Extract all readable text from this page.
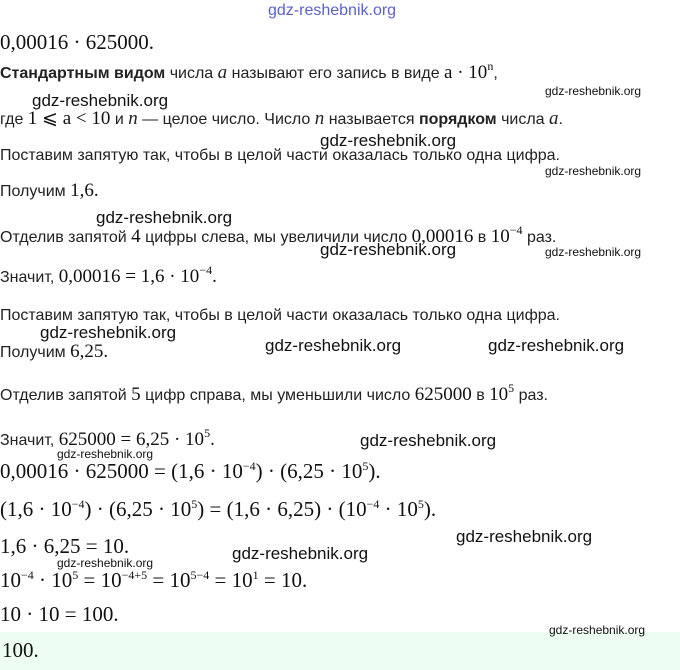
gdz-reshebnik.org
0,00016 · 625000.
Стандартным видом числа a называют его запись в виде $a \cdot 10^n$,
где 1 ⩽ a < 10 и n — целое число. Число n называется порядком числа a.
Поставим запятую так, чтобы в целой части оказалась только одна цифра.
Получим 1,6.
Отделив запятой 4 цифры слева, мы увеличили число 0,00016 в $10^{-4}$ раз.
Значит, $0,00016 = 1,6 \cdot 10^{-4}$.
Поставим запятую так, чтобы в целой части оказалась только одна цифра.
Получим 6,25.
Отделив запятой 5 цифр справа, мы уменьшили число 625000 в $10^5$ раз.
Значит, $625000 = 6,25 \cdot 10^5$.
$0,00016 \cdot 625000 = (1,6 \cdot 10^{-4}) \cdot (6,25 \cdot 10^5)$.
$(1,6 \cdot 10^{-4}) \cdot (6,25 \cdot 10^5) = (1,6 \cdot 6,25) \cdot (10^{-4} \cdot 10^5)$.
1,6 · 6,25 = 10.
$10^{-4} \cdot 10^5 = 10^{-4+5} = 10^{5-4} = 10^1 = 10$.
10 · 10 = 100.
100.
gdz-reshebnik.org
gdz-reshebnik.org
gdz-reshebnik.org
gdz-reshebnik.org
gdz-reshebnik.org
gdz-reshebnik.org	gdz-reshebnik.org
gdz-reshebnik.org
gdz-reshebnik.org	gdz-reshebnik.org
gdz-reshebnik.org
gdz-reshebnik.org
gdz-reshebnik.org
gdz-reshebnik.org
gdz-reshebnik.org
gdz-reshebnik.org
